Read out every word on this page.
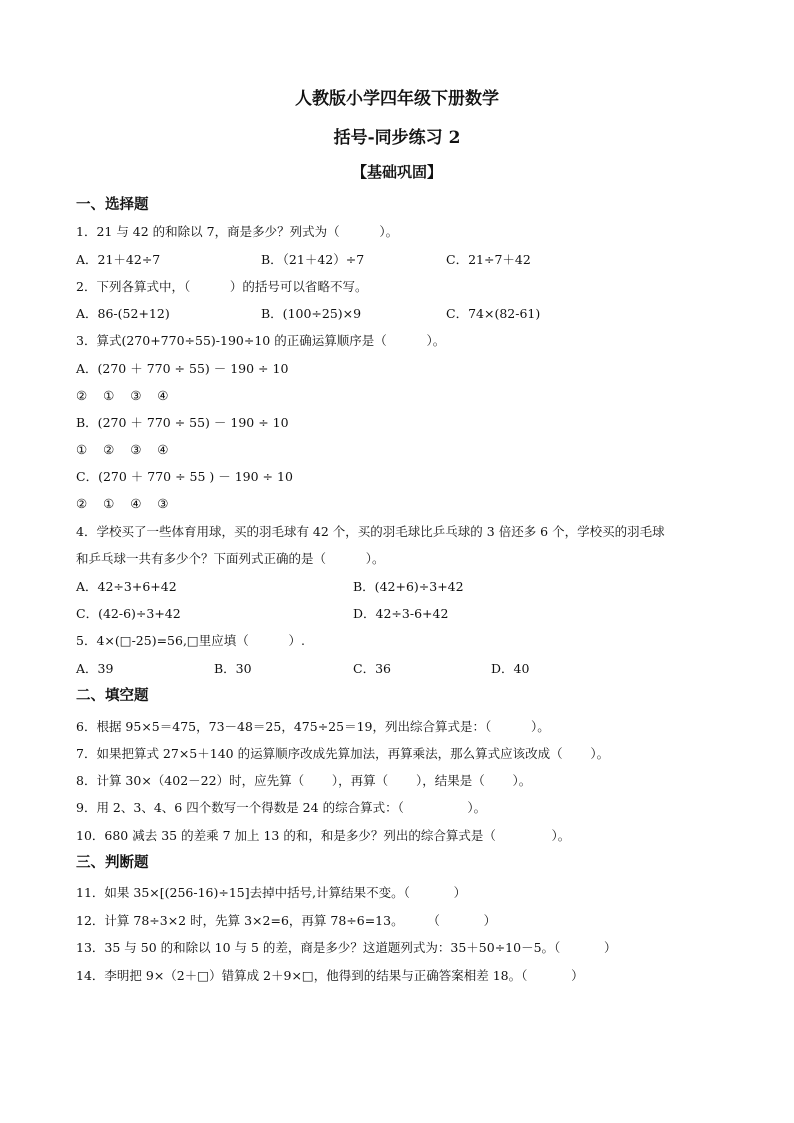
人教版小学四年级下册数学
括号-同步练习 2
【基础巩固】
一、选择题
1．21 与 42 的和除以 7，商是多少？列式为（          ）。
A．21＋42÷7	B．（21＋42）÷7	C．21÷7＋42
2．下列各算式中，（          ）的括号可以省略不写。
A．86-(52+12)	B．(100÷25)×9	C．74×(82-61)
3．算式(270+770÷55)-190÷10 的正确运算顺序是（          ）。
A．(270 ＋ 770 ÷ 55) － 190 ÷ 10
②    ①    ③    ④
B．(270 ＋ 770 ÷ 55) － 190 ÷ 10
①    ②    ③    ④
C．(270 ＋ 770 ÷ 55 ) － 190 ÷ 10
②    ①    ④    ③
4．学校买了一些体育用球，买的羽毛球有 42 个，买的羽毛球比乒乓球的 3 倍还多 6 个，学校买的羽毛球
和乒乓球一共有多少个？下面列式正确的是（          ）。
A．42÷3+6+42	B．(42+6)÷3+42
C．(42-6)÷3+42	D．42÷3-6+42
5．4×(□-25)=56,□里应填（          ）.
A．39	B．30	C．36	D．40
二、填空题
6．根据 95×5＝475，73－48＝25，475÷25＝19，列出综合算式是：（          ）。
7．如果把算式 27×5＋140 的运算顺序改成先算加法，再算乘法，那么算式应该改成（       ）。
8．计算 30×（402－22）时，应先算（       ），再算（       ），结果是（       ）。
9．用 2、3、4、6 四个数写一个得数是 24 的综合算式：（                ）。
10．680 减去 35 的差乘 7 加上 13 的和，和是多少？列出的综合算式是（              ）。
三、判断题
11．如果 35×[(256-16)÷15]去掉中括号,计算结果不变。（           ）
12．计算 78÷3×2 时，先算 3×2=6，再算 78÷6=13。      （           ）
13．35 与 50 的和除以 10 与 5 的差，商是多少？这道题列式为：35＋50÷10－5。（           ）
14．李明把 9×（2＋□）错算成 2＋9×□，他得到的结果与正确答案相差 18。（           ）
